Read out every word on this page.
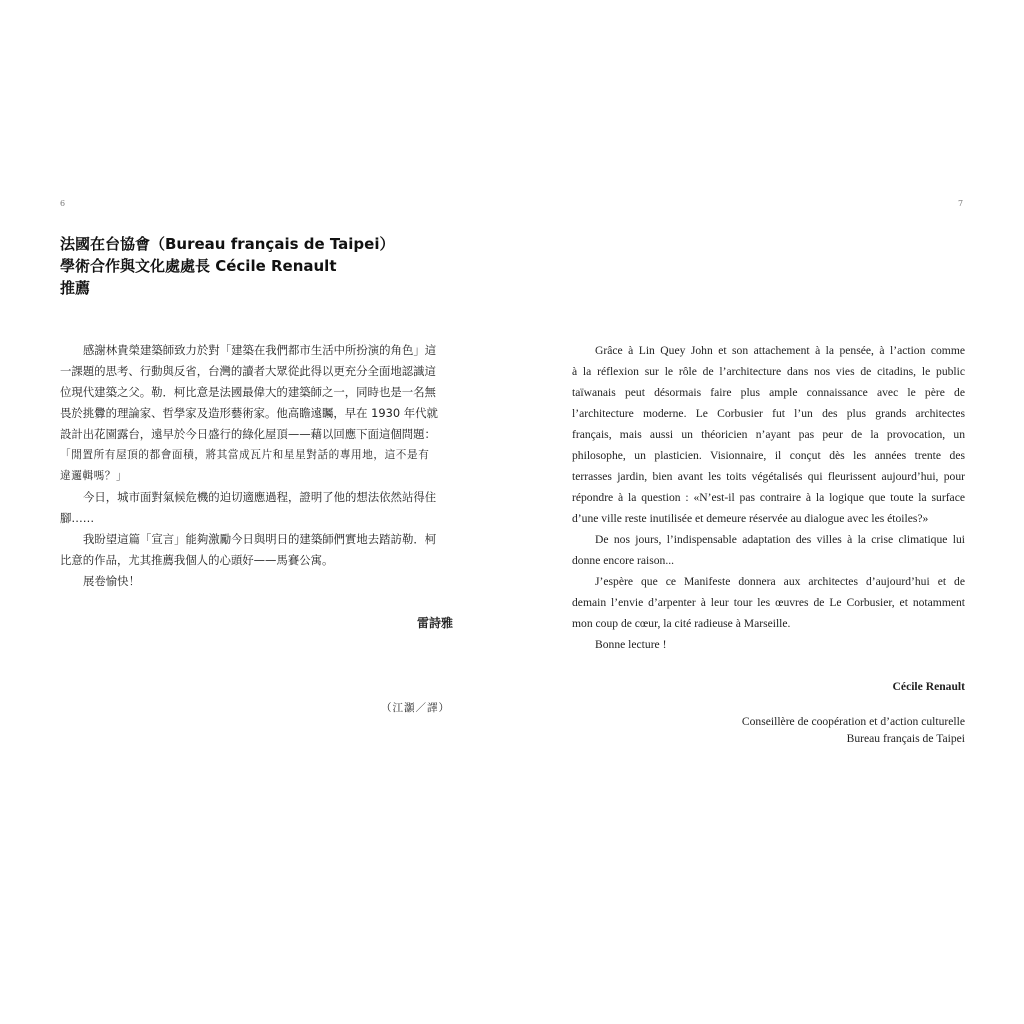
6	7
法國在台協會（Bureau français de Taipei）
學術合作與文化處處長 Cécile Renault
推薦
感謝林貴榮建築師致力於對「建築在我們都市生活中所扮演的角色」這
一課題的思考、行動與反省，台灣的讀者大眾從此得以更充分全面地認識這
位現代建築之父。勒．柯比意是法國最偉大的建築師之一，同時也是一名無
畏於挑釁的理論家、哲學家及造形藝術家。他高瞻遠矚，早在 1930 年代就
設計出花園露台，遠早於今日盛行的綠化屋頂——藉以回應下面這個問題：
「閒置所有屋頂的都會面積，將其當成瓦片和星星對話的專用地，這不是有
違邏輯嗎？」
今日，城市面對氣候危機的迫切適應過程，證明了他的想法依然站得住
腳……
我盼望這篇「宣言」能夠激勵今日與明日的建築師們實地去踏訪勒．柯
比意的作品，尤其推薦我個人的心頭好——馬賽公寓。
展卷愉快！
雷詩雅
（江灝／譯）
Grâce à Lin Quey John et son attachement à la pensée, à l’action comme
à la réflexion sur le rôle de l’architecture dans nos vies de citadins, le public
taïwanais peut désormais faire plus ample connaissance avec le père de
l’architecture moderne. Le Corbusier fut l’un des plus grands architectes
français, mais aussi un théoricien n’ayant pas peur de la provocation, un
philosophe, un plasticien. Visionnaire, il conçut dès les années trente des
terrasses jardin, bien avant les toits végétalisés qui fleurissent aujourd’hui, pour
répondre à la question : «N’est-il pas contraire à la logique que toute la surface
d’une ville reste inutilisée et demeure réservée au dialogue avec les étoiles?»
De nos jours, l’indispensable adaptation des villes à la crise climatique lui
donne encore raison...
J’espère que ce Manifeste donnera aux architectes d’aujourd’hui et de
demain l’envie d’arpenter à leur tour les œuvres de Le Corbusier, et notamment
mon coup de cœur, la cité radieuse à Marseille.
Bonne lecture !
Cécile Renault
Conseillère de coopération et d’action culturelle
Bureau français de Taipei
